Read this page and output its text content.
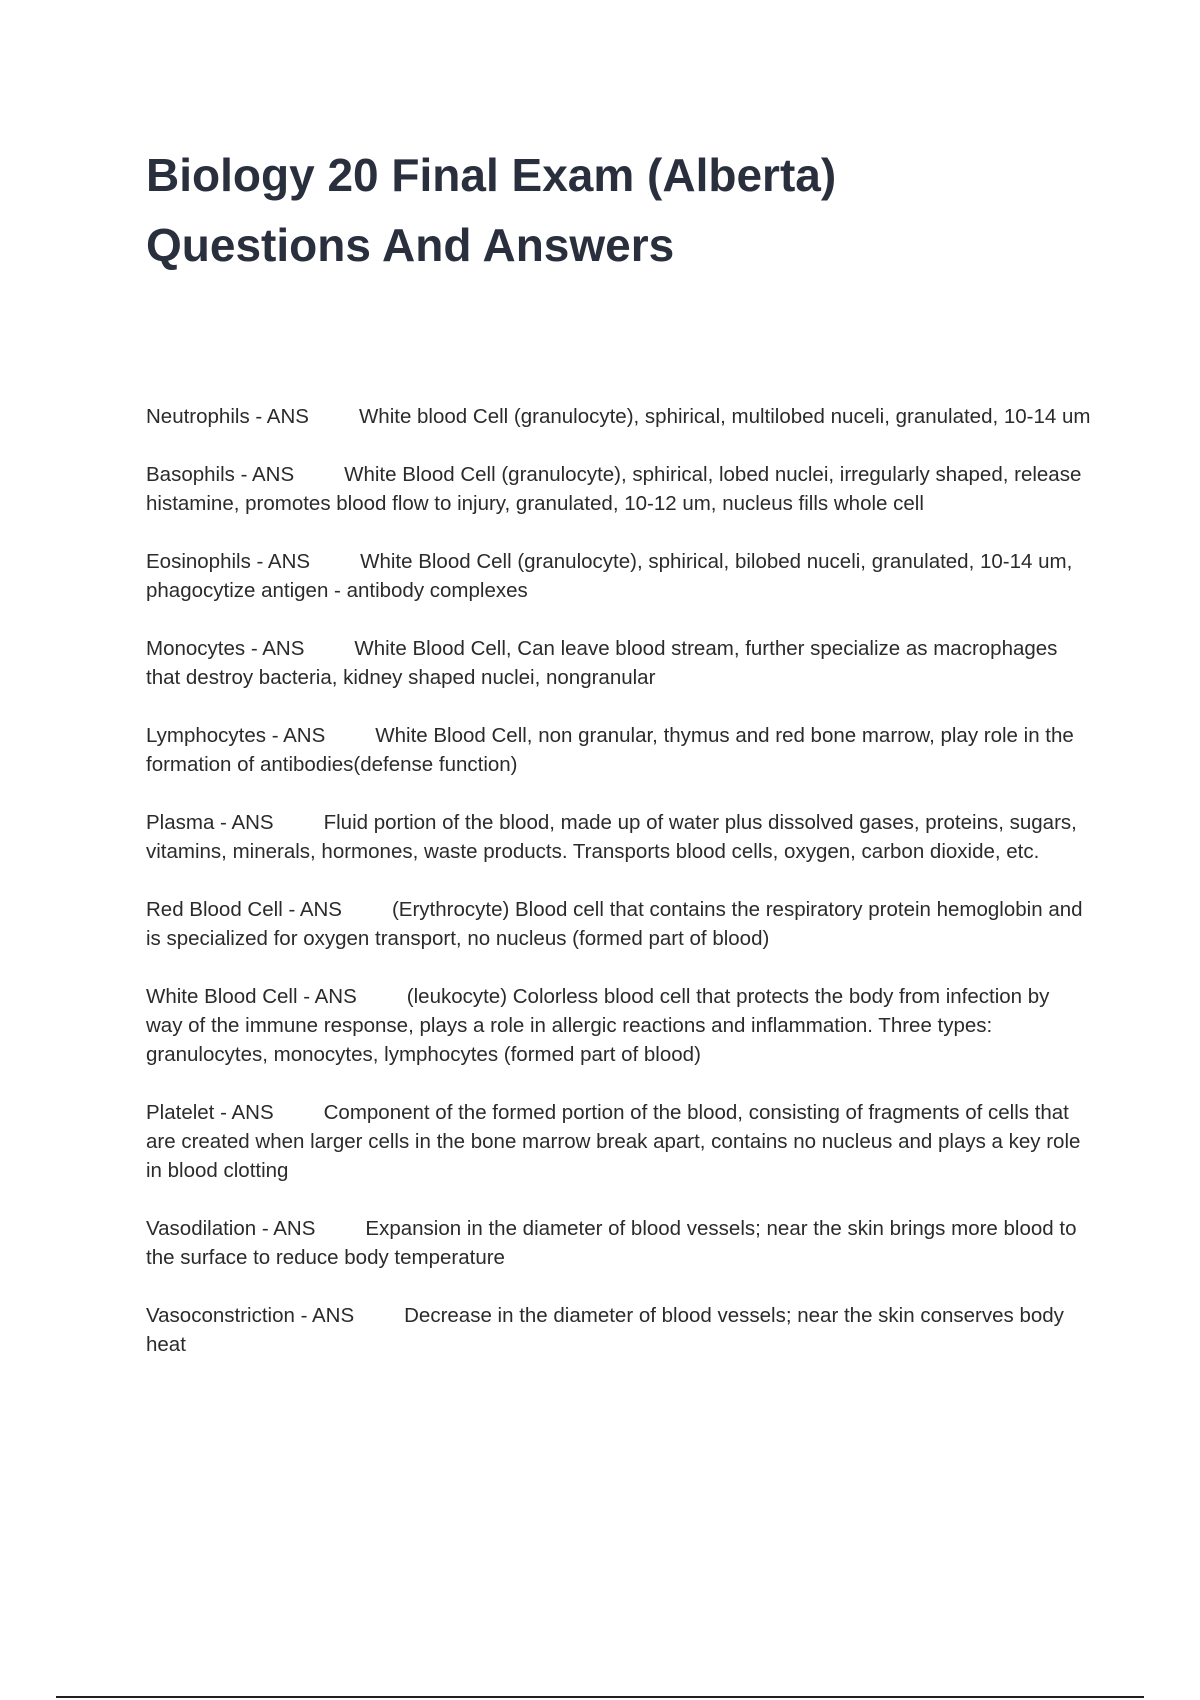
Biology 20 Final Exam (Alberta)
Questions And Answers

Neutrophils - ANS White blood Cell (granulocyte), sphirical, multilobed nuceli, granulated, 10-14 um

Basophils - ANS White Blood Cell (granulocyte), sphirical, lobed nuclei, irregularly shaped, release histamine, promotes blood flow to injury, granulated, 10-12 um, nucleus fills whole cell

Eosinophils - ANS White Blood Cell (granulocyte), sphirical, bilobed nuceli, granulated, 10-14 um, phagocytize antigen - antibody complexes

Monocytes - ANS White Blood Cell, Can leave blood stream, further specialize as macrophages that destroy bacteria, kidney shaped nuclei, nongranular

Lymphocytes - ANS White Blood Cell, non granular, thymus and red bone marrow, play role in the formation of antibodies(defense function)

Plasma - ANS Fluid portion of the blood, made up of water plus dissolved gases, proteins, sugars, vitamins, minerals, hormones, waste products. Transports blood cells, oxygen, carbon dioxide, etc.

Red Blood Cell - ANS (Erythrocyte) Blood cell that contains the respiratory protein hemoglobin and is specialized for oxygen transport, no nucleus (formed part of blood)

White Blood Cell - ANS (leukocyte) Colorless blood cell that protects the body from infection by way of the immune response, plays a role in allergic reactions and inflammation. Three types: granulocytes, monocytes, lymphocytes (formed part of blood)

Platelet - ANS Component of the formed portion of the blood, consisting of fragments of cells that are created when larger cells in the bone marrow break apart, contains no nucleus and plays a key role in blood clotting

Vasodilation - ANS Expansion in the diameter of blood vessels; near the skin brings more blood to the surface to reduce body temperature

Vasoconstriction - ANS Decrease in the diameter of blood vessels; near the skin conserves body heat
